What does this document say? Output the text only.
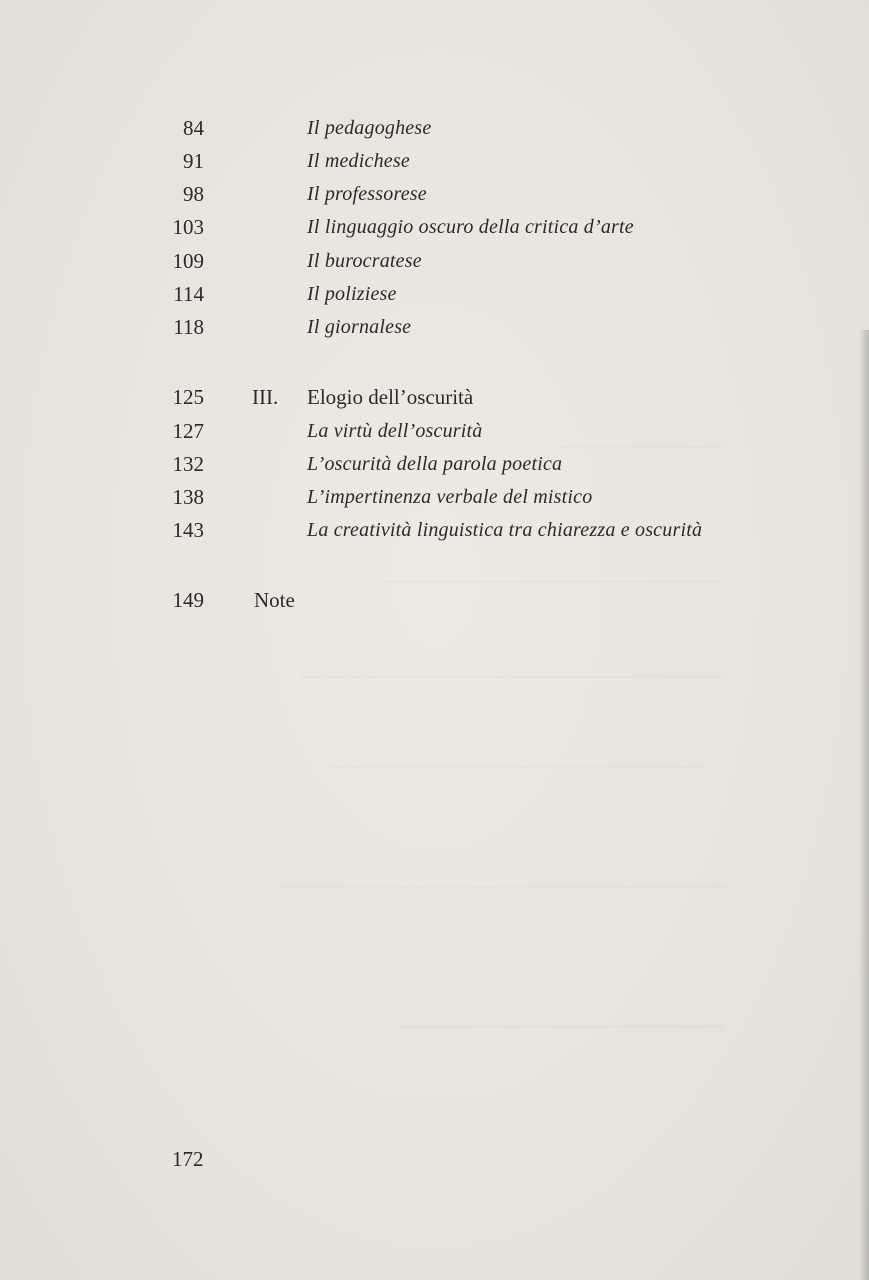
~~~~~~~~~~~~~~~~~~~~
~~~~~~~~~~~~~~~~~~~~~~~~~~~~~~~~~~~~~~~~~~
~~~~~~~~~~~~~~~~~~~~~~~~~~~~~~~~~~~~~~~~~~~~~~~~~~~~
~~~~~~~~~~~~~~~~~~~~~~~~~~~~~~~~~~~~~~~~~~~~~~
~~~~~~~~~~~~~~~~~~~~~~~~~~~~~~~~~~~~~~~~~~~~~~~~~~~~~~~
~~~~~~~~~~~~~~~~~~~~~~~~~~~~~~~~~~~~~~~~
84	Il pedagoghese
91	Il medichese
98	Il professorese
103	Il linguaggio oscuro della critica d’arte
109	Il burocratese
114	Il poliziese
118	Il giornalese
125 III. Elogio dell’oscurità
127	La virtù dell’oscurità
132	L’oscurità della parola poetica
138	L’impertinenza verbale del mistico
143	La creatività linguistica tra chiarezza e oscurità
149 Note
172
